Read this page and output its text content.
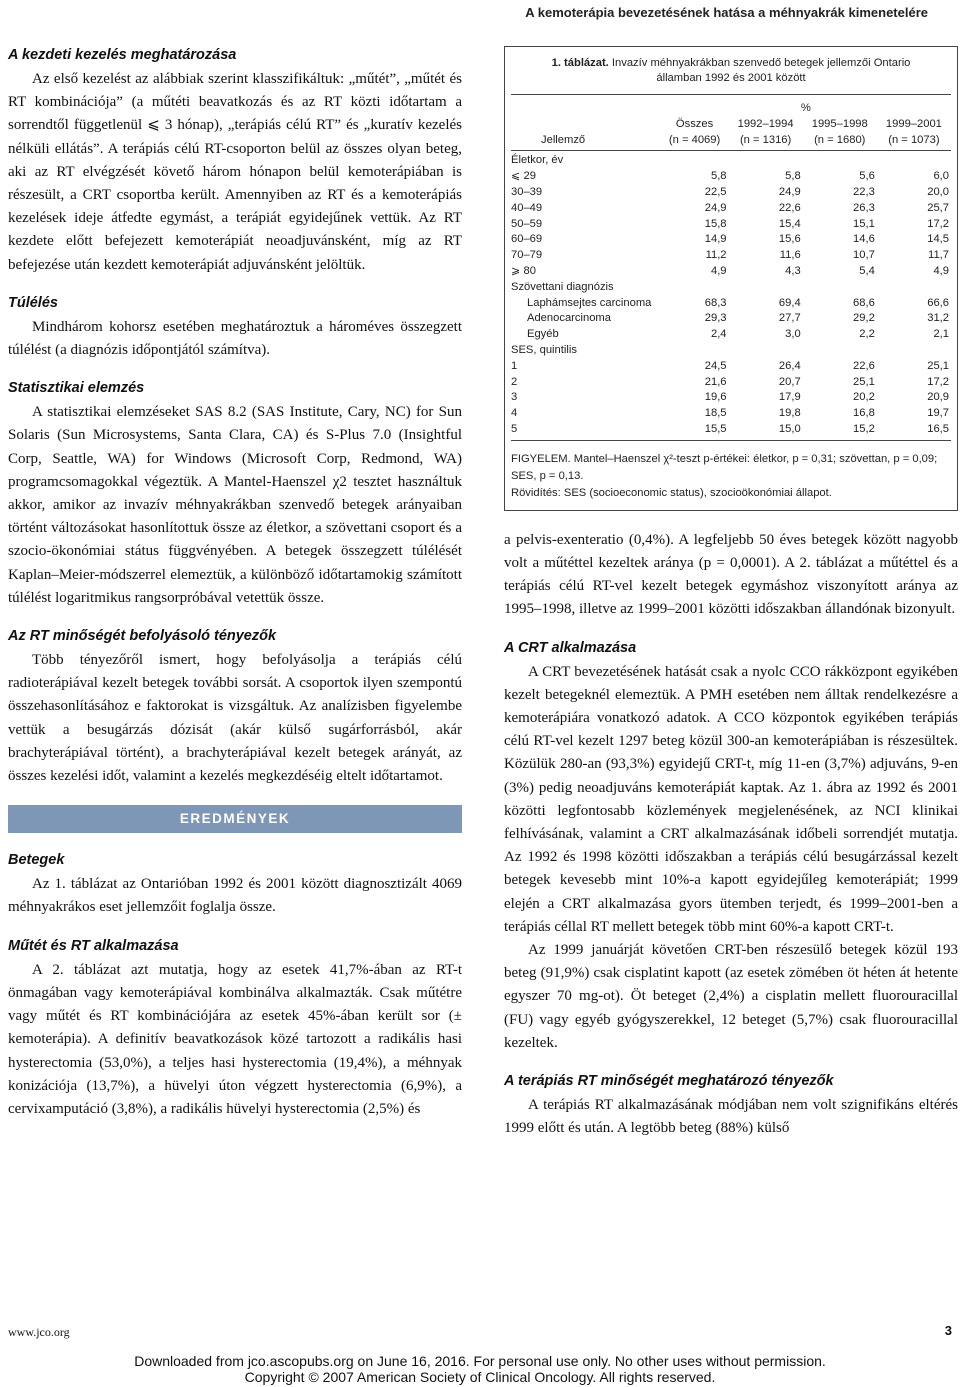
A kemoterápia bevezetésének hatása a méhnyakrák kimenetelére
A kezdeti kezelés meghatározása

Az első kezelést az alábbiak szerint klasszifikáltuk: „műtét”, „műtét és RT kombinációja” (a műtéti beavatkozás és az RT közti időtartam a sorrendtől függetlenül ⩽ 3 hónap), „terápiás célú RT” és „kuratív kezelés nélküli ellátás”. A terápiás célú RT-csoporton belül az összes olyan beteg, aki az RT elvégzését követő három hónapon belül kemoterápiában is részesült, a CRT csoportba került. Amennyiben az RT és a kemoterápiás kezelések ideje átfedte egymást, a terápiát egyidejűnek vettük. Az RT kezdete előtt befejezett kemoterápiát neoadjuvánsként, míg az RT befejezése után kezdett kemoterápiát adjuvánsként jelöltük.

Túlélés

Mindhárom kohorsz esetében meghatároztuk a hároméves összegzett túlélést (a diagnózis időpontjától számítva).

Statisztikai elemzés

A statisztikai elemzéseket SAS 8.2 (SAS Institute, Cary, NC) for Sun Solaris (Sun Microsystems, Santa Clara, CA) és S-Plus 7.0 (Insightful Corp, Seattle, WA) for Windows (Microsoft Corp, Redmond, WA) programcsomagokkal végeztük. A Mantel-Haenszel χ2 tesztet használtuk akkor, amikor az invazív méhnyakrákban szenvedő betegek arányaiban történt változásokat hasonlítottuk össze az életkor, a szövettani csoport és a szocio-ökonómiai státus függvényében. A betegek összegzett túlélését Kaplan–Meier-módszerrel elemeztük, a különböző időtartamokig számított túlélést logaritmikus rangsorpróbával vetettük össze.

Az RT minőségét befolyásoló tényezők

Több tényezőről ismert, hogy befolyásolja a terápiás célú radioterápiával kezelt betegek további sorsát. A csoportok ilyen szempontú összehasonlításához e faktorokat is vizsgáltuk. Az analízisben figyelembe vettük a besugárzás dózisát (akár külső sugárforrásból, akár brachyterápiával történt), a brachyterápiával kezelt betegek arányát, az összes kezelési időt, valamint a kezelés megkezdéséig eltelt időtartamot.

EREDMÉNYEK
Betegek

Az 1. táblázat az Ontarióban 1992 és 2001 között diagnosztizált 4069 méhnyakrákos eset jellemzőit foglalja össze.

Műtét és RT alkalmazása

A 2. táblázat azt mutatja, hogy az esetek 41,7%-ában az RT-t önmagában vagy kemoterápiával kombinálva alkalmazták. Csak műtétre vagy műtét és RT kombinációjára az esetek 45%-ában került sor (± kemoterápia). A definitív beavatkozások közé tartozott a radikális hasi hysterectomia (53,0%), a teljes hasi hysterectomia (19,4%), a méhnyak konizációja (13,7%), a hüvelyi úton végzett hysterectomia (6,9%), a cervixamputáció (3,8%), a radikális hüvelyi hysterectomia (2,5%) és

1. táblázat. Invazív méhnyakrákban szenvedő betegek jellemzői Ontario
államban 1992 és 2001 között
	%			
	Összes	1992–1994	1995–1998	1999–2001
Jellemző	(n = 4069)	(n = 1316)	(n = 1680)	(n = 1073)
Életkor, év				
⩽ 29	5,8	5,8	5,6	6,0
30–39	22,5	24,9	22,3	20,0
40–49	24,9	22,6	26,3	25,7
50–59	15,8	15,4	15,1	17,2
60–69	14,9	15,6	14,6	14,5
70–79	11,2	11,6	10,7	11,7
⩾ 80	4,9	4,3	5,4	4,9
Szövettani diagnózis				
Laphámsejtes carcinoma	68,3	69,4	68,6	66,6
Adenocarcinoma	29,3	27,7	29,2	31,2
Egyéb	2,4	3,0	2,2	2,1
SES, quintilis				
1	24,5	26,4	22,6	25,1
2	21,6	20,7	25,1	17,2
3	19,6	17,9	20,2	20,9
4	18,5	19,8	16,8	19,7
5	15,5	15,0	15,2	16,5
FIGYELEM. Mantel–Haenszel χ²-teszt p-értékei: életkor, p = 0,31; szövettan, p = 0,09; SES, p = 0,13.
Rövidítés: SES (socioeconomic status), szocioökonómiai állapot.

a pelvis-exenteratio (0,4%). A legfeljebb 50 éves betegek között nagyobb volt a műtéttel kezeltek aránya (p = 0,0001). A 2. táblázat a műtéttel és a terápiás célú RT-vel kezelt betegek egymáshoz viszonyított aránya az 1995–1998, illetve az 1999–2001 közötti időszakban állandónak bizonyult.

A CRT alkalmazása

A CRT bevezetésének hatását csak a nyolc CCO rákközpont egyikében kezelt betegeknél elemeztük. A PMH esetében nem álltak rendelkezésre a kemoterápiára vonatkozó adatok. A CCO központok egyikében terápiás célú RT-vel kezelt 1297 beteg közül 300-an kemoterápiában is részesültek. Közülük 280-an (93,3%) egyidejű CRT-t, míg 11-en (3,7%) adjuváns, 9-en (3%) pedig neoadjuváns kemoterápiát kaptak. Az 1. ábra az 1992 és 2001 közötti legfontosabb közlemények megjelenésének, az NCI klinikai felhívásának, valamint a CRT alkalmazásának időbeli sorrendjét mutatja. Az 1992 és 1998 közötti időszakban a terápiás célú besugárzással kezelt betegek kevesebb mint 10%-a kapott egyidejűleg kemoterápiát; 1999 elején a CRT alkalmazása gyors ütemben terjedt, és 1999–2001-ben a terápiás céllal RT mellett betegek több mint 60%-a kapott CRT-t.

Az 1999 januárját követően CRT-ben részesülő betegek közül 193 beteg (91,9%) csak cisplatint kapott (az esetek zömében öt héten át hetente egyszer 70 mg-ot). Öt beteget (2,4%) a cisplatin mellett fluorouracillal (FU) vagy egyéb gyógyszerekkel, 12 beteget (5,7%) csak fluorouracillal kezeltek.

A terápiás RT minőségét meghatározó tényezők

A terápiás RT alkalmazásának módjában nem volt szignifikáns eltérés 1999 előtt és után. A legtöbb beteg (88%) külső

www.jco.org	3
Downloaded from jco.ascopubs.org on June 16, 2016. For personal use only. No other uses without permission.
Copyright © 2007 American Society of Clinical Oncology. All rights reserved.
